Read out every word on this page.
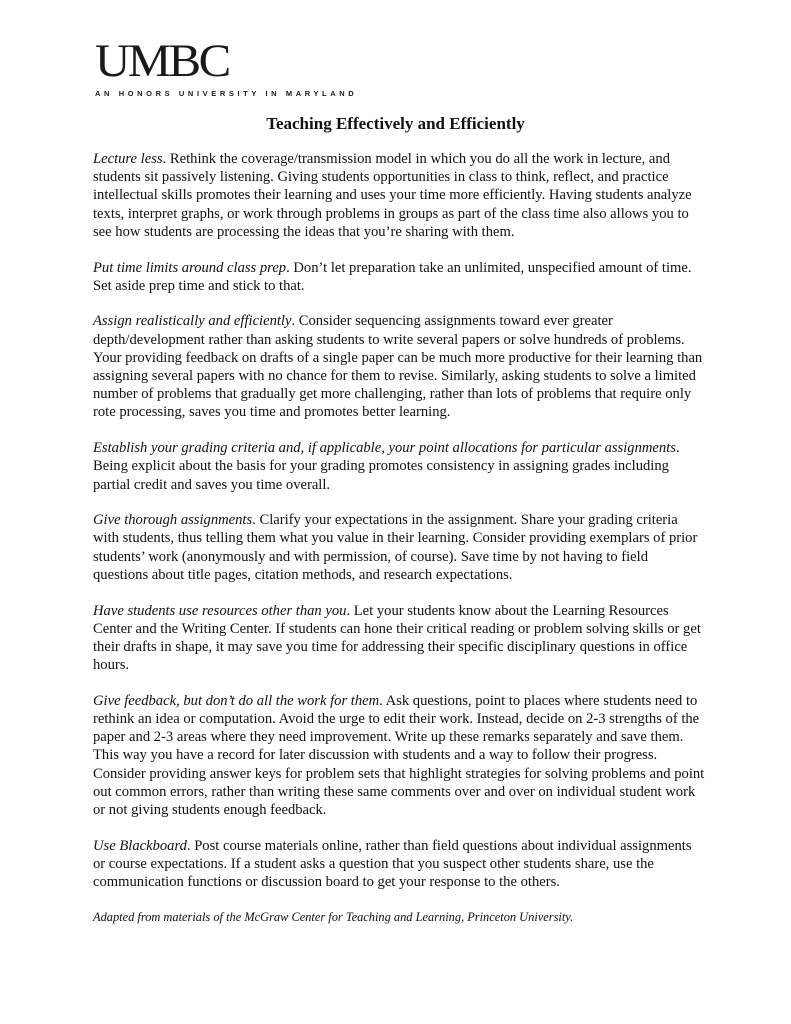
UMBC
AN HONORS UNIVERSITY IN MARYLAND
Teaching Effectively and Efficiently

Lecture less. Rethink the coverage/transmission model in which you do all the work in lecture, and students sit passively listening. Giving students opportunities in class to think, reflect, and practice intellectual skills promotes their learning and uses your time more efficiently. Having students analyze texts, interpret graphs, or work through problems in groups as part of the class time also allows you to see how students are processing the ideas that you’re sharing with them.

Put time limits around class prep. Don’t let preparation take an unlimited, unspecified amount of time. Set aside prep time and stick to that.

Assign realistically and efficiently. Consider sequencing assignments toward ever greater depth/development rather than asking students to write several papers or solve hundreds of problems. Your providing feedback on drafts of a single paper can be much more productive for their learning than assigning several papers with no chance for them to revise. Similarly, asking students to solve a limited number of problems that gradually get more challenging, rather than lots of problems that require only rote processing, saves you time and promotes better learning.

Establish your grading criteria and, if applicable, your point allocations for particular assignments. Being explicit about the basis for your grading promotes consistency in assigning grades including partial credit and saves you time overall.

Give thorough assignments. Clarify your expectations in the assignment. Share your grading criteria with students, thus telling them what you value in their learning. Consider providing exemplars of prior students’ work (anonymously and with permission, of course). Save time by not having to field questions about title pages, citation methods, and research expectations.

Have students use resources other than you. Let your students know about the Learning Resources Center and the Writing Center. If students can hone their critical reading or problem solving skills or get their drafts in shape, it may save you time for addressing their specific disciplinary questions in office hours.

Give feedback, but don’t do all the work for them. Ask questions, point to places where students need to rethink an idea or computation. Avoid the urge to edit their work. Instead, decide on 2-3 strengths of the paper and 2-3 areas where they need improvement. Write up these remarks separately and save them. This way you have a record for later discussion with students and a way to follow their progress. Consider providing answer keys for problem sets that highlight strategies for solving problems and point out common errors, rather than writing these same comments over and over on individual student work or not giving students enough feedback.

Use Blackboard. Post course materials online, rather than field questions about individual assignments or course expectations. If a student asks a question that you suspect other students share, use the communication functions or discussion board to get your response to the others.

Adapted from materials of the McGraw Center for Teaching and Learning, Princeton University.
